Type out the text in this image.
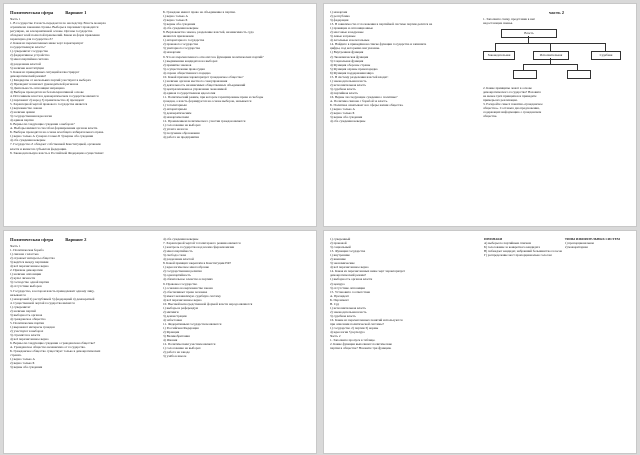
Политическая сфера	Вариант 1
Часть 1
1. В государстве Z власть передается по наследству. Власть монарха
ограничена законами страны. Выборы в парламент проводятся
регулярно, на альтернативной основе. Органы государства
обладают всей полнотой правомочий. Какая из форм правления
характерна для государства Z?
2. Какая из перечисленных ниже черт характеризует
государственную власть?
1) суверенитет государства
2) федеративное устройство
3) многопартийная система
4) разделение властей
5) наличие конституции
3. Какая из приведённых ситуаций иллюстрирует
демократический режим?
1) Кандидаты от нескольких партий участвуют в выборах
2) Президент назначает руководителей регионов
3) Деятельность оппозиции запрещена
4) Выборы проводятся на безальтернативной основе
4. Источником власти в демократическом государстве является
1) парламент 2) народ 3) правительство 4) президент
5. Характерной чертой правового государства является
1) верховенство закона
2) наличие армии
3) государственная идеология
4) единая партия
6. Верны ли следующие суждения о выборах?
А. Выборы являются способом формирования органов власти.
Б. Выборы проводятся на основе всеобщего избирательного права.
1) верно только А 2) верно только Б 3) верны оба суждения
4) оба суждения неверны
7. Государство Z обладает собственной Конституцией, органами
власти и является субъектом федерации.
8. Законодательную власть в Российской Федерации осуществляет
Б. Граждане имеют право на объединение в партии.
1) верно только А
2) верно только Б
3) верны оба суждения
4) оба суждения неверны
8. Верховенство закона, разделение властей, независимость суда
являются признаками
1) авторитарного государства
2) правового государства
3) унитарного государства
4) монархии
9. Что из перечисленного относится к функциям политических партий?
1) выдвижение кандидатов на выборах
2) принятие законов
3) осуществление правосудия
4) охрана общественного порядка
10. Какой признак характеризует гражданское общество?
1) наличие органов местного самоуправления
2) деятельность независимых общественных объединений
3) централизованное управление экономикой
4) единая государственная идеология
11. Политический режим, при котором гарантированы права и свободы
граждан, а власть формируется на основе выборов, называется
1) тоталитарным
2) авторитарным
3) демократическим
4) монархическим
12. Проявлением политического участия граждан является
1) голосование на выборах
2) уплата налогов
3) получение образования
4) работа на предприятии
1) монархия
2) республика
3) федерация
13. В зависимости от положения в партийной системе партии делятся на
1) правящие и оппозиционные
2) массовые и кадровые
3) левые и правые
4) легальные и нелегальные
14. Найдите в приведённом списке функции государства и запишите
цифры, под которыми они указаны.
1) Внутренняя функция
2) Экономическая функция
3) Социальная функция
4) Функция обороны страны
5) Функция охраны правопорядка
6) Функция поддержания мира
15. В систему разделения властей входят:
1) законодательная власть
2) исполнительная власть
3) судебная власть
4) партийная власть
16. Верны ли следующие суждения о политике?
А. Политика связана с борьбой за власть.
Б. Политика охватывает все сферы жизни общества.
1) верно только А
2) верно только Б
3) верны оба суждения
4) оба суждения неверны
часть 2
1. Заполните схему, представив в неё
недостающие звенья.
Власть
Законодательная	Исполнительная	Судебная
2. Какие принципы лежат в основе
демократического государства? Назовите
не менее трёх принципов и приведите
примеры их реализации.
3. Раскройте смысл понятия «гражданское
общество». Составьте два предложения,
содержащих информацию о гражданском
обществе.
Политическая сфера	Вариант 2
Часть 1
1. Политическая борьба
1) связана с властью
2) отражает интересы общества
3) ведётся между партиями
4) всё перечисленное верно
2. Признак демократии
1) наличие оппозиции
2) культ личности
3) господство одной партии
4) отсутствие выборов
3. Государство, в котором власть принадлежит одному лицу,
называется
1) монархией 2) республикой 3) федерацией 4) демократией
4. Существенной чертой государства является
1) суверенитет
2) наличие партий
3) выборность органов
4) гражданское общество
5. Политические партии
1) выражают интересы граждан
2) участвуют в выборах
3) стремятся к власти
4) всё перечисленное верно
6. Верны ли следующие суждения о гражданском обществе?
А. Гражданское общество независимо от государства.
Б. Гражданское общество существует только в демократических
странах.
1) верно только А
2) верно только Б
3) верны оба суждения
4) оба суждения неверны
7. Характерной чертой тоталитарного режима является
1) контроль государства над всеми сферами жизни
2) многопартийность
3) свобода слова
4) разделение властей
8. Какой принцип закреплён в Конституции РФ?
1) идеологическое многообразие
2) государственная религия
3) однопартийность
4) обязательное членство в партиях
9. Правовое государство
1) основано на верховенстве закона
2) обеспечивает права человека
3) имеет независимую судебную систему
4) всё перечисленное верно
10. Высшей непосредственной формой власти народа являются
1) выборы и референдум
2) митинги
3) демонстрации
4) забастовки
11. Федеративным государством является
1) Российская Федерация
2) Франция
3) Великобритания
4) Япония
12. Политическим участием является
1) голосование на выборах
2) работа на заводе
3) учёба в школе
1) суверенный
2) правовой
3) социальный
13. Функции государства
1) внутренние
2) внешние
3) экономические
4) всё перечисленное верно
14. Какая из перечисленных ниже черт характеризует
демократический режим?
1) выборность органов власти
2) цензура
3) отсутствие оппозиции
15. Установите соответствие
А. Президент
Б. Парламент
В. Суд
1) исполнительная власть
2) законодательная власть
3) судебная власть
16. Какие из перечисленных понятий используются
при описании политической системы?
1) государство 2) партии 3) нормы
4) идеология 5) культура
Часть 2
1. Заполните пропуск в таблице.
2. Какие функции выполняют политические
партии в обществе? Назовите три функции.
ПРИЗНАКИ	ТИПЫ ИЗБИРАТЕЛЬНЫХ СИСТЕМ
А) выборы по партийным спискам	1) пропорциональная
Б) голосование за конкретного кандидата	2) мажоритарная
В) побеждает кандидат, набравший большинство голосов	
Г) распределение мест пропорционально голосам	
